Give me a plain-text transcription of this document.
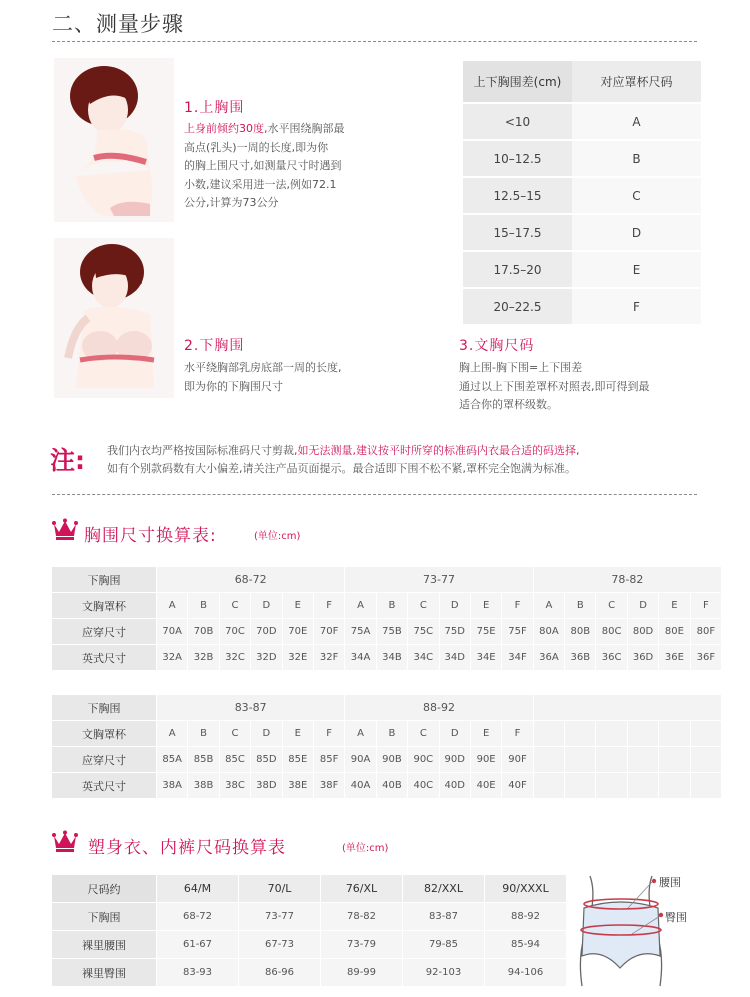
二、测量步骤
1.上胸围
上身前倾约30度,水平围绕胸部最
高点(乳头)一周的长度,即为你
的胸上围尺寸,如测量尺寸时遇到
小数,建议采用进一法,例如72.1
公分,计算为73公分
2.下胸围
水平绕胸部乳房底部一周的长度,
即为你的下胸围尺寸
上下胸围差(cm)	对应罩杯尺码
<10	A
10–12.5	B
12.5–15	C
15–17.5	D
17.5–20	E
20–22.5	F
3.文胸尺码
胸上围-胸下围=上下围差
通过以上下围差罩杯对照表,即可得到最
适合你的罩杯级数。
注: 我们内衣均严格按国际标准码尺寸剪裁,如无法测量,建议按平时所穿的标准码内衣最合适的码选择,
如有个别款码数有大小偏差,请关注产品页面提示。最合适即下围不松不紧,罩杯完全饱满为标准。
胸围尺寸换算表:	(单位:cm)
下胸围	68-72						73-77						78-82					
文胸罩杯	A	B	C	D	E	F	A	B	C	D	E	F	A	B	C	D	E	F
应穿尺寸	70A	70B	70C	70D	70E	70F	75A	75B	75C	75D	75E	75F	80A	80B	80C	80D	80E	80F
英式尺寸	32A	32B	32C	32D	32E	32F	34A	34B	34C	34D	34E	34F	36A	36B	36C	36D	36E	36F
下胸围	83-87						88-92											
文胸罩杯	A	B	C	D	E	F	A	B	C	D	E	F						
应穿尺寸	85A	85B	85C	85D	85E	85F	90A	90B	90C	90D	90E	90F						
英式尺寸	38A	38B	38C	38D	38E	38F	40A	40B	40C	40D	40E	40F						
塑身衣、内裤尺码换算表	(单位:cm)
尺码约	64/M	70/L	76/XL	82/XXL	90/XXXL
下胸围	68-72	73-77	78-82	83-87	88-92
裸里腰围	61-67	67-73	73-79	79-85	85-94
裸里臀围	83-93	86-96	89-99	92-103	94-106
腰围
臀围
